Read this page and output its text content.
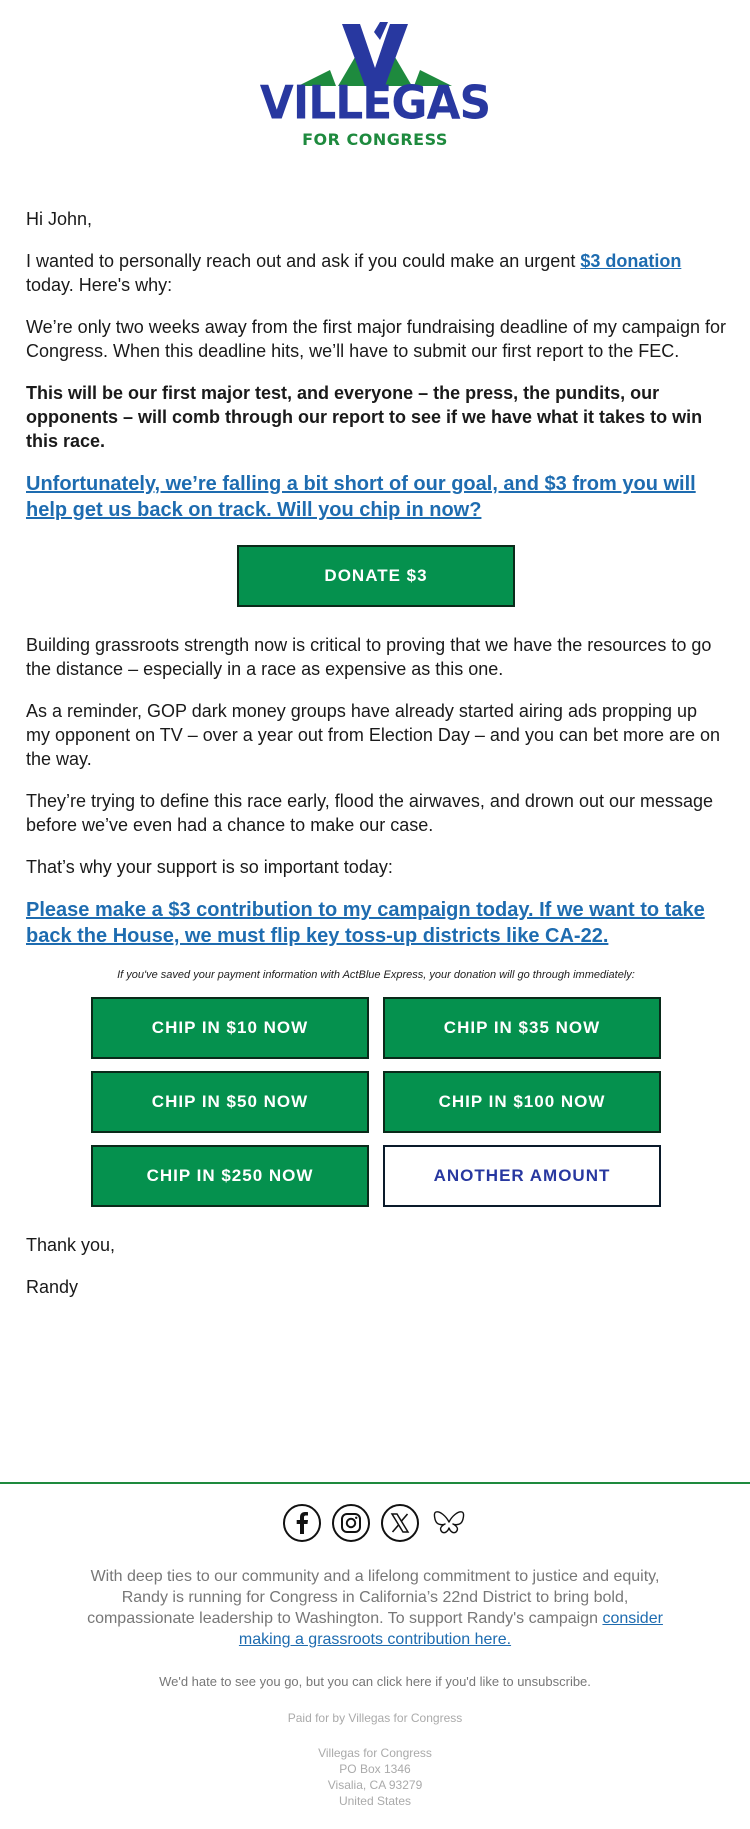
VILLEGAS
FOR CONGRESS

Hi John,

I wanted to personally reach out and ask if you could make an urgent $3 donation today. Here's why:

We’re only two weeks away from the first major fundraising deadline of my campaign for Congress. When this deadline hits, we’ll have to submit our first report to the FEC.

This will be our first major test, and everyone – the press, the pundits, our opponents – will comb through our report to see if we have what it takes to win this race.

Unfortunately, we’re falling a bit short of our goal, and $3 from you will help get us back on track. Will you chip in now?
DONATE $3

Building grassroots strength now is critical to proving that we have the resources to go the distance – especially in a race as expensive as this one.

As a reminder, GOP dark money groups have already started airing ads propping up my opponent on TV – over a year out from Election Day – and you can bet more are on the way.

They’re trying to define this race early, flood the airwaves, and drown out our message before we’ve even had a chance to make our case.

That’s why your support is so important today:

Please make a $3 contribution to my campaign today. If we want to take back the House, we must flip key toss-up districts like CA-22.
If you've saved your payment information with ActBlue Express, your donation will go through immediately:
CHIP IN $10 NOW	CHIP IN $35 NOW
CHIP IN $50 NOW	CHIP IN $100 NOW
CHIP IN $250 NOW	ANOTHER AMOUNT

Thank you,

Randy

With deep ties to our community and a lifelong commitment to justice and equity, Randy is running for Congress in California’s 22nd District to bring bold, compassionate leadership to Washington. To support Randy's campaign consider making a grassroots contribution here.
We'd hate to see you go, but you can click here if you'd like to unsubscribe.
Paid for by Villegas for Congress
Villegas for Congress
PO Box 1346
Visalia, CA 93279
United States
